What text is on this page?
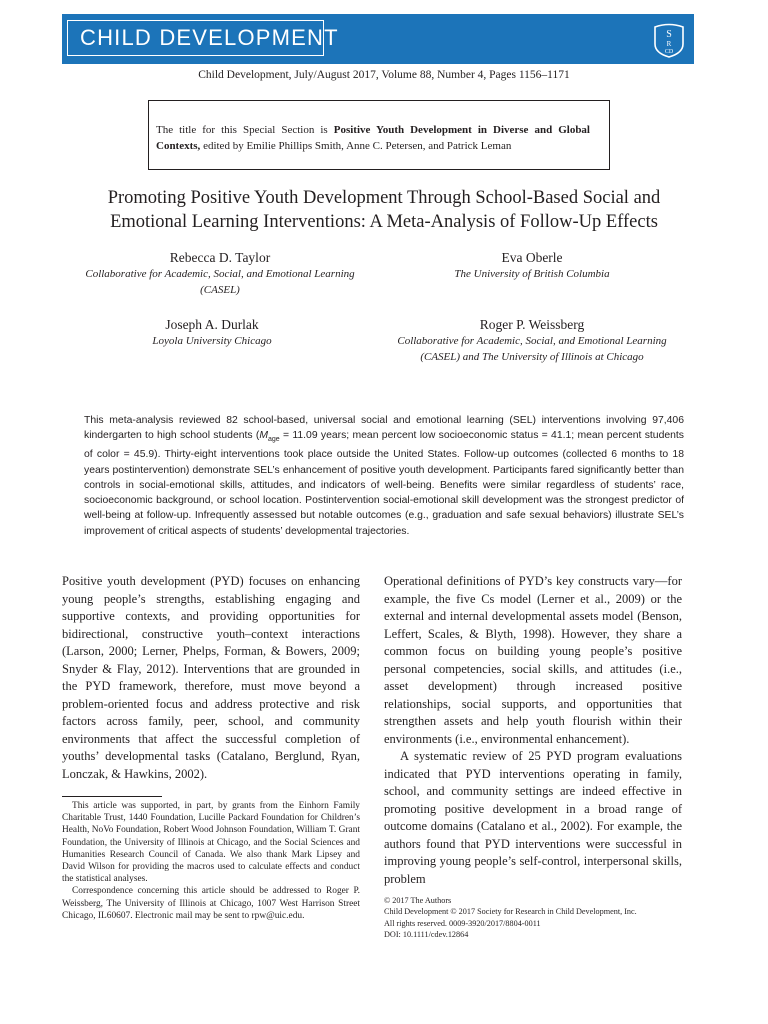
CHILD DEVELOPMENT	S
R
CD
Child Development, July/August 2017, Volume 88, Number 4, Pages 1156–1171
The title for this Special Section is Positive Youth Development in Diverse and Global Contexts, edited by Emilie Phillips Smith, Anne C. Petersen, and Patrick Leman
Promoting Positive Youth Development Through School-Based Social and
Emotional Learning Interventions: A Meta-Analysis of Follow-Up Effects
Rebecca D. Taylor
Collaborative for Academic, Social, and Emotional Learning
(CASEL)
Eva Oberle
The University of British Columbia
Joseph A. Durlak
Loyola University Chicago
Roger P. Weissberg
Collaborative for Academic, Social, and Emotional Learning
(CASEL) and The University of Illinois at Chicago
This meta-analysis reviewed 82 school-based, universal social and emotional learning (SEL) interventions involving 97,406 kindergarten to high school students ($M_{age} = 11.09$ years; mean percent low socioeconomic status = 41.1; mean percent students of color = 45.9). Thirty-eight interventions took place outside the United States. Follow-up outcomes (collected 6 months to 18 years postintervention) demonstrate SEL’s enhancement of positive youth development. Participants fared significantly better than controls in social-emotional skills, attitudes, and indicators of well-being. Benefits were similar regardless of students’ race, socioeconomic background, or school location. Postintervention social-emotional skill development was the strongest predictor of well-being at follow-up. Infrequently assessed but notable outcomes (e.g., graduation and safe sexual behaviors) illustrate SEL’s improvement of critical aspects of students’ developmental trajectories.

Positive youth development (PYD) focuses on enhancing young people’s strengths, establishing engaging and supportive contexts, and providing opportunities for bidirectional, constructive youth–context interactions (Larson, 2000; Lerner, Phelps, Forman, & Bowers, 2009; Snyder & Flay, 2012). Interventions that are grounded in the PYD framework, therefore, must move beyond a problem-oriented focus and address protective and risk factors across family, peer, school, and community environments that affect the successful completion of youths’ developmental tasks (Catalano, Berglund, Ryan, Lonczak, & Hawkins, 2002).

Operational definitions of PYD’s key constructs vary—for example, the five Cs model (Lerner et al., 2009) or the external and internal developmental assets model (Benson, Leffert, Scales, & Blyth, 1998). However, they share a common focus on building young people’s positive personal competencies, social skills, and attitudes (i.e., asset development) through increased positive relationships, social supports, and opportunities that strengthen assets and help youth flourish within their environments (i.e., environmental enhancement).

A systematic review of 25 PYD program evaluations indicated that PYD interventions operating in family, school, and community settings are indeed effective in promoting positive development in a broad range of outcome domains (Catalano et al., 2002). For example, the authors found that PYD interventions were successful in improving young people’s self-control, interpersonal skills, problem

This article was supported, in part, by grants from the Einhorn Family Charitable Trust, 1440 Foundation, Lucille Packard Foundation for Children’s Health, NoVo Foundation, Robert Wood Johnson Foundation, William T. Grant Foundation, the University of Illinois at Chicago, and the Social Sciences and Humanities Research Council of Canada. We also thank Mark Lipsey and David Wilson for providing the macros used to calculate effects and conduct the statistical analyses.

Correspondence concerning this article should be addressed to Roger P. Weissberg, The University of Illinois at Chicago, 1007 West Harrison Street Chicago, IL60607. Electronic mail may be sent to rpw@uic.edu.

© 2017 The Authors
Child Development © 2017 Society for Research in Child Development, Inc.
All rights reserved. 0009-3920/2017/8804-0011
DOI: 10.1111/cdev.12864
